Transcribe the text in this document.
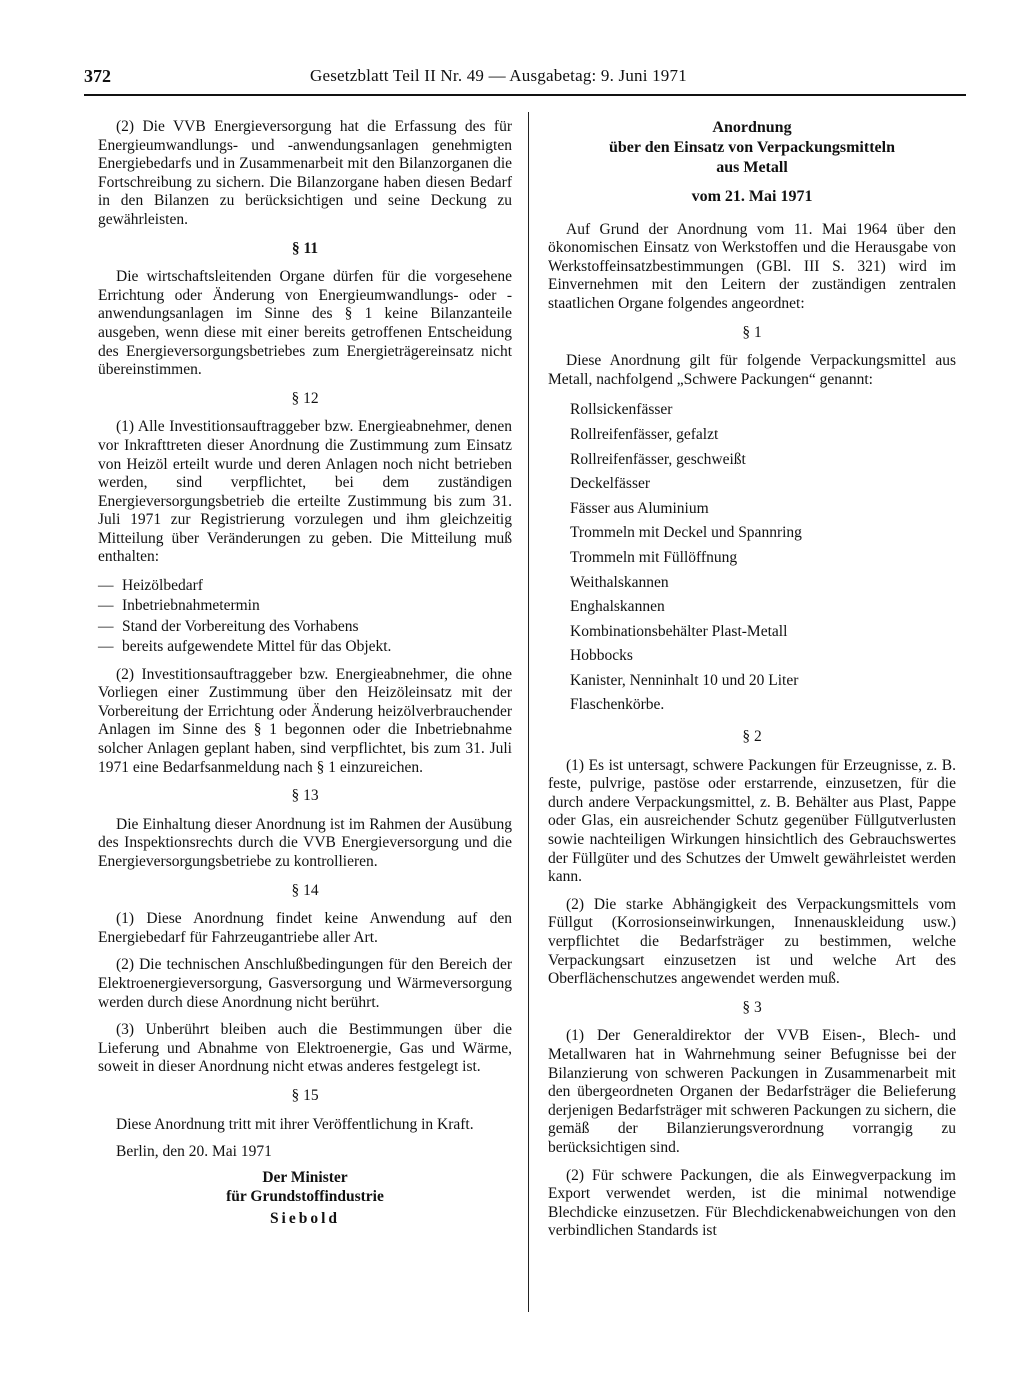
372	Gesetzblatt Teil II Nr. 49 — Ausgabetag: 9. Juni 1971

(2) Die VVB Energieversorgung hat die Erfassung des für Energieumwandlungs- und -anwendungsanlagen genehmigten Energiebedarfs und in Zusammenarbeit mit den Bilanzorganen die Fortschreibung zu sichern. Die Bilanzorgane haben diesen Bedarf in den Bilanzen zu berücksichtigen und seine Deckung zu gewährleisten.

§ 11

Die wirtschaftsleitenden Organe dürfen für die vorgesehene Errichtung oder Änderung von Energieumwandlungs- oder -anwendungsanlagen im Sinne des § 1 keine Bilanzanteile ausgeben, wenn diese mit einer bereits getroffenen Entscheidung des Energieversorgungsbetriebes zum Energieträgereinsatz nicht übereinstimmen.

§ 12

(1) Alle Investitionsauftraggeber bzw. Energieabnehmer, denen vor Inkrafttreten dieser Anordnung die Zustimmung zum Einsatz von Heizöl erteilt wurde und deren Anlagen noch nicht betrieben werden, sind verpflichtet, bei dem zuständigen Energieversorgungsbetrieb die erteilte Zustimmung bis zum 31. Juli 1971 zur Registrierung vorzulegen und ihm gleichzeitig Mitteilung über Veränderungen zu geben. Die Mitteilung muß enthalten:

— Heizölbedarf
— Inbetriebnahmetermin
— Stand der Vorbereitung des Vorhabens
— bereits aufgewendete Mittel für das Objekt.

(2) Investitionsauftraggeber bzw. Energieabnehmer, die ohne Vorliegen einer Zustimmung über den Heizöleinsatz mit der Vorbereitung der Errichtung oder Änderung heizölverbrauchender Anlagen im Sinne des § 1 begonnen oder die Inbetriebnahme solcher Anlagen geplant haben, sind verpflichtet, bis zum 31. Juli 1971 eine Bedarfsanmeldung nach § 1 einzureichen.

§ 13

Die Einhaltung dieser Anordnung ist im Rahmen der Ausübung des Inspektionsrechts durch die VVB Energieversorgung und die Energieversorgungsbetriebe zu kontrollieren.

§ 14

(1) Diese Anordnung findet keine Anwendung auf den Energiebedarf für Fahrzeugantriebe aller Art.

(2) Die technischen Anschlußbedingungen für den Bereich der Elektroenergieversorgung, Gasversorgung und Wärmeversorgung werden durch diese Anordnung nicht berührt.

(3) Unberührt bleiben auch die Bestimmungen über die Lieferung und Abnahme von Elektroenergie, Gas und Wärme, soweit in dieser Anordnung nicht etwas anderes festgelegt ist.

§ 15

Diese Anordnung tritt mit ihrer Veröffentlichung in Kraft.

Berlin, den 20. Mai 1971
Der Minister
für Grundstoffindustrie
Siebold
Anordnung
über den Einsatz von Verpackungsmitteln
aus Metall
vom 21. Mai 1971

Auf Grund der Anordnung vom 11. Mai 1964 über den ökonomischen Einsatz von Werkstoffen und die Herausgabe von Werkstoffeinsatzbestimmungen (GBl. III S. 321) wird im Einvernehmen mit den Leitern der zuständigen zentralen staatlichen Organe folgendes angeordnet:

§ 1

Diese Anordnung gilt für folgende Verpackungsmittel aus Metall, nachfolgend „Schwere Packungen“ genannt:

Rollsickenfässer
Rollreifenfässer, gefalzt
Rollreifenfässer, geschweißt
Deckelfässer
Fässer aus Aluminium
Trommeln mit Deckel und Spannring
Trommeln mit Füllöffnung
Weithalskannen
Enghalskannen
Kombinationsbehälter Plast-Metall
Hobbocks
Kanister, Nenninhalt 10 und 20 Liter
Flaschenkörbe.
§ 2

(1) Es ist untersagt, schwere Packungen für Erzeugnisse, z. B. feste, pulvrige, pastöse oder erstarrende, einzusetzen, für die durch andere Verpackungsmittel, z. B. Behälter aus Plast, Pappe oder Glas, ein ausreichender Schutz gegenüber Füllgutverlusten sowie nachteiligen Wirkungen hinsichtlich des Gebrauchswertes der Füllgüter und des Schutzes der Umwelt gewährleistet werden kann.

(2) Die starke Abhängigkeit des Verpackungsmittels vom Füllgut (Korrosionseinwirkungen, Innenauskleidung usw.) verpflichtet die Bedarfsträger zu bestimmen, welche Verpackungsart einzusetzen ist und welche Art des Oberflächenschutzes angewendet werden muß.

§ 3

(1) Der Generaldirektor der VVB Eisen-, Blech- und Metallwaren hat in Wahrnehmung seiner Befugnisse bei der Bilanzierung von schweren Packungen in Zusammenarbeit mit den übergeordneten Organen der Bedarfsträger die Belieferung derjenigen Bedarfsträger mit schweren Packungen zu sichern, die gemäß der Bilanzierungsverordnung vorrangig zu berücksichtigen sind.

(2) Für schwere Packungen, die als Einwegverpackung im Export verwendet werden, ist die minimal notwendige Blechdicke einzusetzen. Für Blechdickenabweichungen von den verbindlichen Standards ist
